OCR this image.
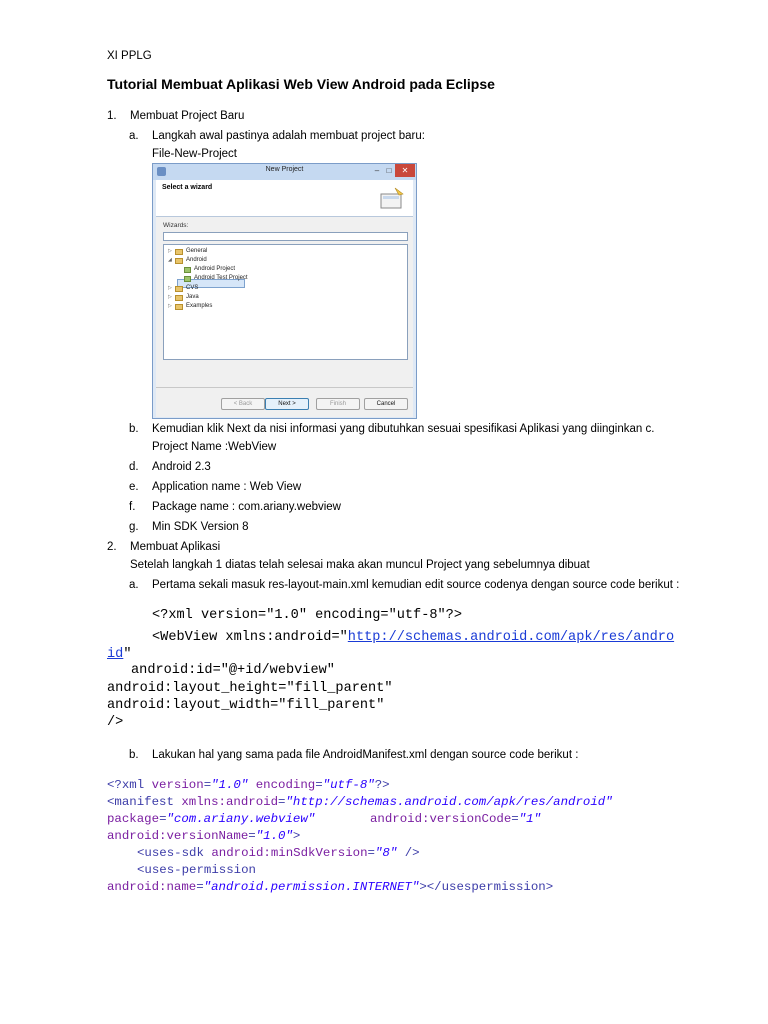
XI PPLG
Tutorial Membuat Aplikasi Web View Android pada Eclipse
1. Membuat Project Baru
a. Langkah awal pastinya adalah membuat project baru:
File-New-Project
New Project	– □	✕
Select a wizard
Wizards:
▷ General
◢ Android
Android Project
Android Test Project
▷ CVS
▷ Java
▷ Examples
< Back	Next >	Finish	Cancel
b. Kemudian klik Next da nisi informasi yang dibutuhkan sesuai spesifikasi Aplikasi yang diinginkan c.
Project Name :WebView
d. Android 2.3
e. Application name : Web View
f. Package name : com.ariany.webview
g. Min SDK Version 8
2. Membuat Aplikasi
Setelah langkah 1 diatas telah selesai maka akan muncul Project yang sebelumnya dibuat
a. Pertama sekali masuk res-layout-main.xml kemudian edit source codenya dengan source code berikut :
<?xml version="1.0" encoding="utf-8"?>
<WebView xmlns:android="http://schemas.android.com/apk/res/andro
id"
android:id="@+id/webview"
android:layout_height="fill_parent"
android:layout_width="fill_parent"
/>
b. Lakukan hal yang sama pada file AndroidManifest.xml dengan source code berikut :
<?xml version="1.0" encoding="utf-8"?>
<manifest xmlns:android="http://schemas.android.com/apk/res/android"
package="com.ariany.webview"	android:versionCode="1"
android:versionName="1.0">
<uses-sdk android:minSdkVersion="8" />
<uses-permission
android:name="android.permission.INTERNET"></usespermission>
